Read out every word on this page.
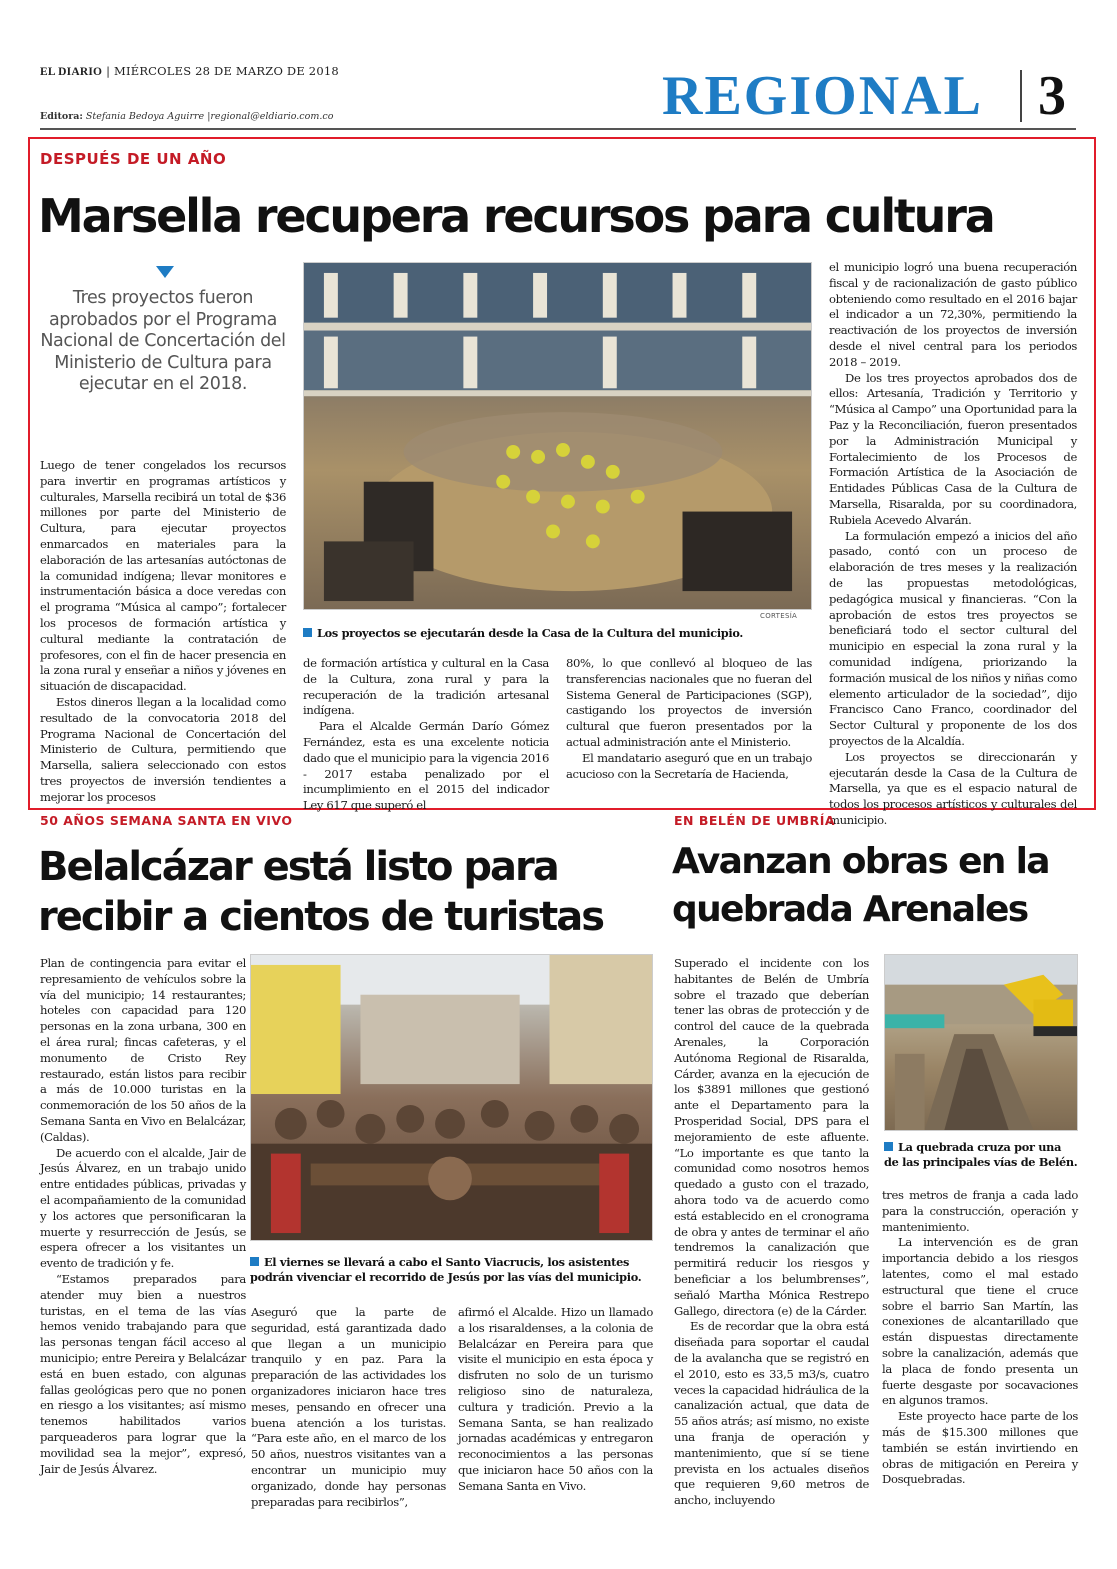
EL DIARIO | MIÉRCOLES 28 DE MARZO DE 2018
Editora: Stefania Bedoya Aguirre |regional@eldiario.com.co	REGIONAL 3
DESPUÉS DE UN AÑO
Marsella recupera recursos para cultura
Tres proyectos fueron aprobados por el Programa Nacional de Concertación del Ministerio de Cultura para ejecutar en el 2018.

Luego de tener congelados los recursos para invertir en programas artísticos y culturales, Marsella recibirá un total de $36 millones por parte del Ministerio de Cultura, para ejecutar proyectos enmarcados en materiales para la elaboración de las artesanías autóctonas de la comunidad indígena; llevar monitores e instrumentación básica a doce veredas con el programa “Música al campo”; fortalecer los procesos de formación artística y cultural mediante la contratación de profesores, con el fin de hacer presencia en la zona rural y enseñar a niños y jóvenes en situación de discapacidad.

Estos dineros llegan a la localidad como resultado de la convocatoria 2018 del Programa Nacional de Concertación del Ministerio de Cultura, permitiendo que Marsella, saliera seleccionado con estos tres proyectos de inversión tendientes a mejorar los procesos

CORTESÍA
Los proyectos se ejecutarán desde la Casa de la Cultura del municipio.

de formación artística y cultural en la Casa de la Cultura, zona rural y para la recuperación de la tradición artesanal indígena.

Para el Alcalde Germán Darío Gómez Fernández, esta es una excelente noticia dado que el municipio para la vigencia 2016 - 2017 estaba penalizado por el incumplimiento en el 2015 del indicador Ley 617 que superó el

80%, lo que conllevó al bloqueo de las transferencias nacionales que no fueran del Sistema General de Participaciones (SGP), castigando los proyectos de inversión cultural que fueron presentados por la actual administración ante el Ministerio.

El mandatario aseguró que en un trabajo acucioso con la Secretaría de Hacienda,

el municipio logró una buena recuperación fiscal y de racionalización de gasto público obteniendo como resultado en el 2016 bajar el indicador a un 72,30%, permitiendo la reactivación de los proyectos de inversión desde el nivel central para los periodos 2018 – 2019.

De los tres proyectos aprobados dos de ellos: Artesanía, Tradición y Territorio y “Música al Campo” una Oportunidad para la Paz y la Reconciliación, fueron presentados por la Administración Municipal y Fortalecimiento de los Procesos de Formación Artística de la Asociación de Entidades Públicas Casa de la Cultura de Marsella, Risaralda, por su coordinadora, Rubiela Acevedo Alvarán.

La formulación empezó a inicios del año pasado, contó con un proceso de elaboración de tres meses y la realización de las propuestas metodológicas, pedagógica musical y financieras. “Con la aprobación de estos tres proyectos se beneficiará todo el sector cultural del municipio en especial la zona rural y la comunidad indígena, priorizando la formación musical de los niños y niñas como elemento articulador de la sociedad”, dijo Francisco Cano Franco, coordinador del Sector Cultural y proponente de los dos proyectos de la Alcaldía.

Los proyectos se direccionarán y ejecutarán desde la Casa de la Cultura de Marsella, ya que es el espacio natural de todos los procesos artísticos y culturales del municipio.

50 AÑOS SEMANA SANTA EN VIVO
Belalcázar está listo para recibir a cientos de turistas

Plan de contingencia para evitar el represamiento de vehículos sobre la vía del municipio; 14 restaurantes; hoteles con capacidad para 120 personas en la zona urbana, 300 en el área rural; fincas cafeteras, y el monumento de Cristo Rey restaurado, están listos para recibir a más de 10.000 turistas en la conmemoración de los 50 años de la Semana Santa en Vivo en Belalcázar, (Caldas).

De acuerdo con el alcalde, Jair de Jesús Álvarez, en un trabajo unido entre entidades públicas, privadas y el acompañamiento de la comunidad y los actores que personificaran la muerte y resurrección de Jesús, se espera ofrecer a los visitantes un evento de tradición y fe.

“Estamos preparados para atender muy bien a nuestros turistas, en el tema de las vías hemos venido trabajando para que las personas tengan fácil acceso al municipio; entre Pereira y Belalcázar está en buen estado, con algunas fallas geológicas pero que no ponen en riesgo a los visitantes; así mismo tenemos habilitados varios parqueaderos para lograr que la movilidad sea la mejor”, expresó, Jair de Jesús Álvarez.

El viernes se llevará a cabo el Santo Viacrucis, los asistentes podrán vivenciar el recorrido de Jesús por las vías del municipio.

Aseguró que la parte de seguridad, está garantizada dado que llegan a un municipio tranquilo y en paz. Para la preparación de las actividades los organizadores iniciaron hace tres meses, pensando en ofrecer una buena atención a los turistas. “Para este año, en el marco de los 50 años, nuestros visitantes van a encontrar un municipio muy organizado, donde hay personas preparadas para recibirlos”,

afirmó el Alcalde. Hizo un llamado a los risaraldenses, a la colonia de Belalcázar en Pereira para que visite el municipio en esta época y disfruten no solo de un turismo religioso sino de naturaleza, cultura y tradición. Previo a la Semana Santa, se han realizado jornadas académicas y entregaron reconocimientos a las personas que iniciaron hace 50 años con la Semana Santa en Vivo.

EN BELÉN DE UMBRÍA
Avanzan obras en la quebrada Arenales

Superado el incidente con los habitantes de Belén de Umbría sobre el trazado que deberían tener las obras de protección y de control del cauce de la quebrada Arenales, la Corporación Autónoma Regional de Risaralda, Cárder, avanza en la ejecución de los $3891 millones que gestionó ante el Departamento para la Prosperidad Social, DPS para el mejoramiento de este afluente. “Lo importante es que tanto la comunidad como nosotros hemos quedado a gusto con el trazado, ahora todo va de acuerdo como está establecido en el cronograma de obra y antes de terminar el año tendremos la canalización que permitirá reducir los riesgos y beneficiar a los belumbrenses”, señaló Martha Mónica Restrepo Gallego, directora (e) de la Cárder.

Es de recordar que la obra está diseñada para soportar el caudal de la avalancha que se registró en el 2010, esto es 33,5 m3/s, cuatro veces la capacidad hidráulica de la canalización actual, que data de 55 años atrás; así mismo, no existe una franja de operación y mantenimiento, que sí se tiene prevista en los actuales diseños que requieren 9,60 metros de ancho, incluyendo

La quebrada cruza por una de las principales vías de Belén.

tres metros de franja a cada lado para la construcción, operación y mantenimiento.

La intervención es de gran importancia debido a los riesgos latentes, como el mal estado estructural que tiene el cruce sobre el barrio San Martín, las conexiones de alcantarillado que están dispuestas directamente sobre la canalización, además que la placa de fondo presenta un fuerte desgaste por socavaciones en algunos tramos.

Este proyecto hace parte de los más de $15.300 millones que también se están invirtiendo en obras de mitigación en Pereira y Dosquebradas.
